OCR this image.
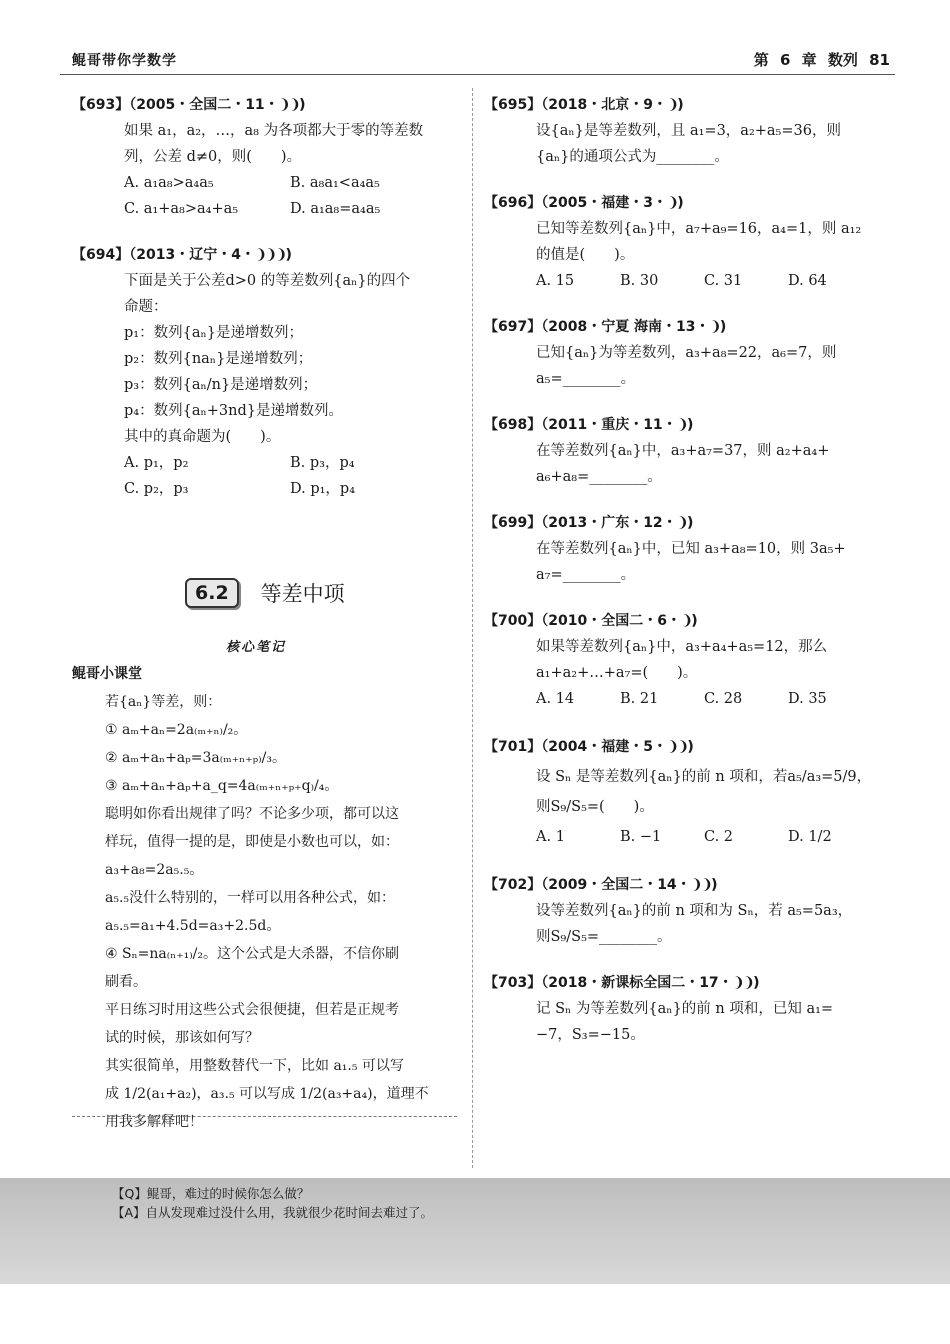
鲲哥带你学数学	第 6 章 数列 81
【693】（2005・全国二・11・❩❩)
如果 a₁，a₂，…，a₈ 为各项都大于零的等差数
列，公差 d≠0，则(　　)。
A. a₁a₈>a₄a₅	B. a₈a₁<a₄a₅
C. a₁+a₈>a₄+a₅	D. a₁a₈=a₄a₅
【694】（2013・辽宁・4・❩❩❩)
下面是关于公差d>0 的等差数列{aₙ}的四个
命题：
p₁：数列{aₙ}是递增数列；
p₂：数列{naₙ}是递增数列；
p₃：数列{aₙ/n}是递增数列；
p₄：数列{aₙ+3nd}是递增数列。
其中的真命题为(　　)。
A. p₁，p₂	B. p₃，p₄
C. p₂，p₃	D. p₁，p₄
6.2	等差中项
核心笔记
鲲哥小课堂
若{aₙ}等差，则：
① aₘ+aₙ=2a₍ₘ₊ₙ₎/₂。
② aₘ+aₙ+aₚ=3a₍ₘ₊ₙ₊ₚ₎/₃。
③ aₘ+aₙ+aₚ+a_q=4a₍ₘ₊ₙ₊ₚ₊q₎/₄。
聪明如你看出规律了吗？不论多少项，都可以这
样玩，值得一提的是，即使是小数也可以，如：
a₃+a₈=2a₅.₅。
a₅.₅没什么特别的，一样可以用各种公式，如：
a₅.₅=a₁+4.5d=a₃+2.5d。
④ Sₙ=na₍ₙ₊₁₎/₂。这个公式是大杀器，不信你刷
刷看。
平日练习时用这些公式会很便捷，但若是正规考
试的时候，那该如何写？
其实很简单，用整数替代一下，比如 a₁.₅ 可以写
成 1/2(a₁+a₂)，a₃.₅ 可以写成 1/2(a₃+a₄)，道理不
用我多解释吧！
【695】（2018・北京・9・❩)
设{aₙ}是等差数列，且 a₁=3，a₂+a₅=36，则
{aₙ}的通项公式为________。
【696】（2005・福建・3・❩)
已知等差数列{aₙ}中，a₇+a₉=16，a₄=1，则 a₁₂
的值是(　　)。
A. 15	B. 30	C. 31	D. 64
【697】（2008・宁夏 海南・13・❩)
已知{aₙ}为等差数列，a₃+a₈=22，a₆=7，则
a₅=________。
【698】（2011・重庆・11・❩)
在等差数列{aₙ}中，a₃+a₇=37，则 a₂+a₄+
a₆+a₈=________。
【699】（2013・广东・12・❩)
在等差数列{aₙ}中，已知 a₃+a₈=10，则 3a₅+
a₇=________。
【700】（2010・全国二・6・❩)
如果等差数列{aₙ}中，a₃+a₄+a₅=12，那么
a₁+a₂+…+a₇=(　　)。
A. 14	B. 21	C. 28	D. 35
【701】（2004・福建・5・❩❩)
设 Sₙ 是等差数列{aₙ}的前 n 项和，若a₅/a₃=5/9，
则S₉/S₅=(　　)。
A. 1	B. −1	C. 2	D. 1/2
【702】（2009・全国二・14・❩❩)
设等差数列{aₙ}的前 n 项和为 Sₙ，若 a₅=5a₃，
则S₉/S₅=________。
【703】（2018・新课标全国二・17・❩❩)
记 Sₙ 为等差数列{aₙ}的前 n 项和，已知 a₁=
−7，S₃=−15。
【Q】鲲哥，难过的时候你怎么做？
【A】自从发现难过没什么用，我就很少花时间去难过了。
